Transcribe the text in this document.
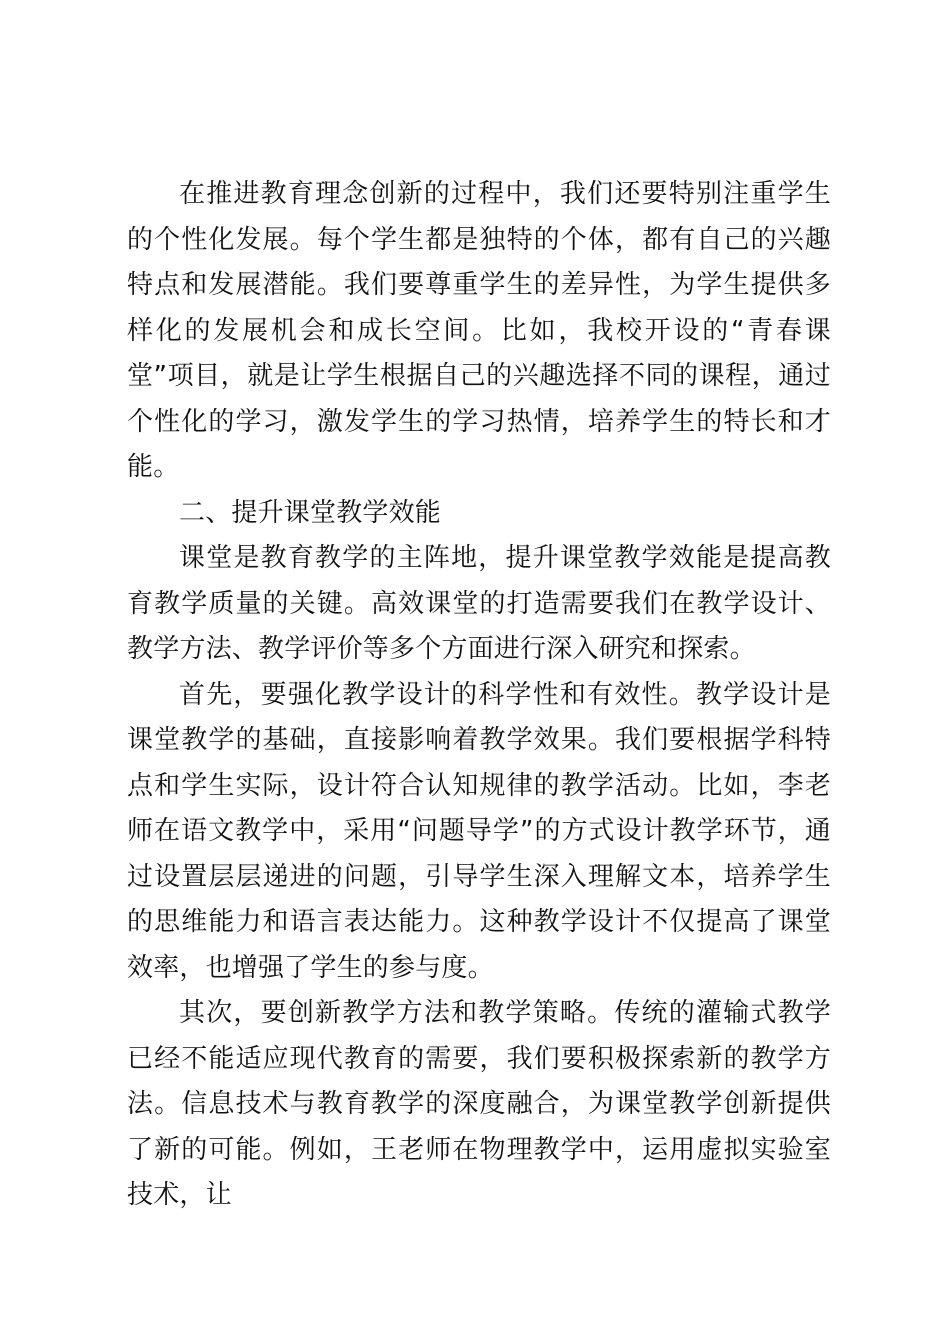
在推进教育理念创新的过程中，我们还要特别注重学生的个性化发展。每个学生都是独特的个体，都有自己的兴趣特点和发展潜能。我们要尊重学生的差异性，为学生提供多样化的发展机会和成长空间。比如，我校开设的“青春课堂”项目，就是让学生根据自己的兴趣选择不同的课程，通过个性化的学习，激发学生的学习热情，培养学生的特长和才能。

二、提升课堂教学效能

课堂是教育教学的主阵地，提升课堂教学效能是提高教育教学质量的关键。高效课堂的打造需要我们在教学设计、教学方法、教学评价等多个方面进行深入研究和探索。

首先，要强化教学设计的科学性和有效性。教学设计是课堂教学的基础，直接影响着教学效果。我们要根据学科特点和学生实际，设计符合认知规律的教学活动。比如，李老师在语文教学中，采用“问题导学”的方式设计教学环节，通过设置层层递进的问题，引导学生深入理解文本，培养学生的思维能力和语言表达能力。这种教学设计不仅提高了课堂效率，也增强了学生的参与度。

其次，要创新教学方法和教学策略。传统的灌输式教学已经不能适应现代教育的需要，我们要积极探索新的教学方法。信息技术与教育教学的深度融合，为课堂教学创新提供了新的可能。例如，王老师在物理教学中，运用虚拟实验室技术，让
